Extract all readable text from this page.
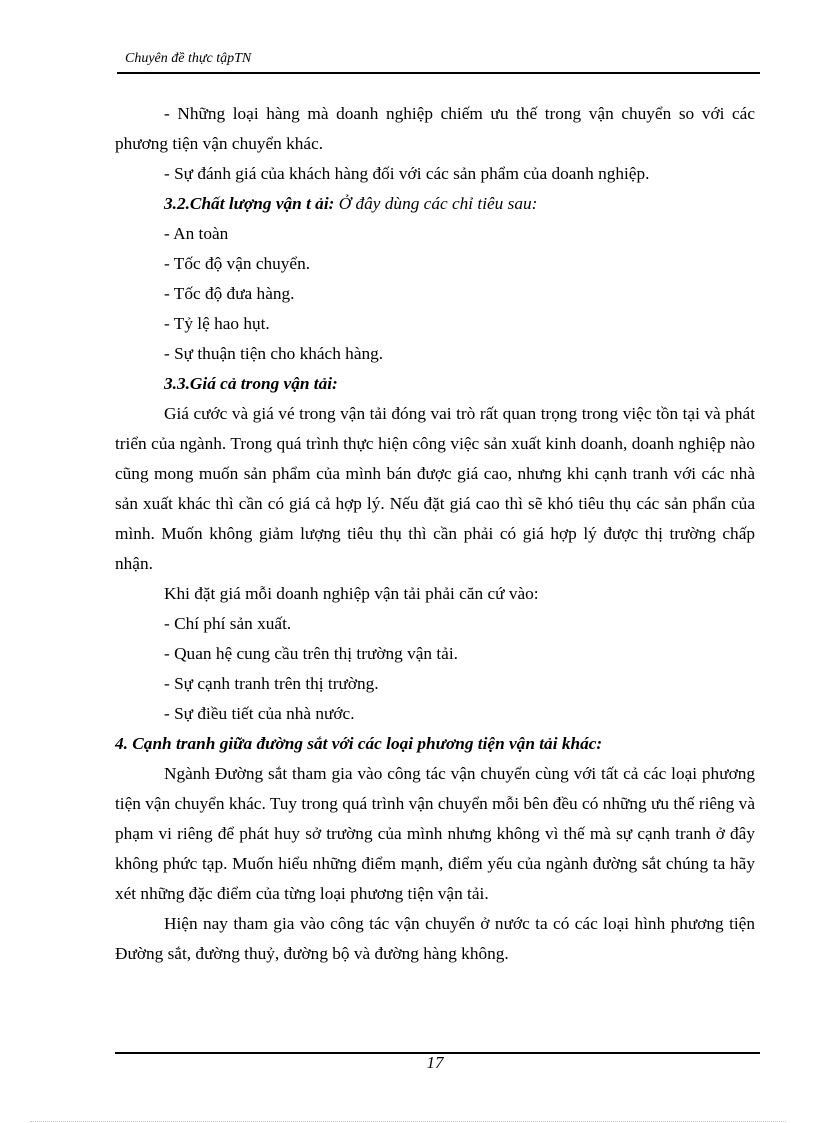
Chuyên đề thực tậpTN

- Những loại hàng mà doanh nghiệp chiếm ưu thế trong vận chuyển so với các phương tiện vận chuyển khác.

- Sự đánh giá của khách hàng đối với các sản phẩm của doanh nghiệp.

3.2.Chất lượng vận t ải: Ở đây dùng các chỉ tiêu sau:

- An toàn

- Tốc độ vận chuyển.

- Tốc độ đưa hàng.

- Tỷ lệ hao hụt.

- Sự thuận tiện cho khách hàng.

3.3.Giá cả trong vận tải:

Giá cước và giá vé trong vận tải đóng vai trò rất quan trọng trong việc tồn tại và phát triển của ngành. Trong quá trình thực hiện công việc sản xuất kinh doanh, doanh nghiệp nào cũng mong muốn sản phẩm của mình bán được giá cao, nhưng khi cạnh tranh với các nhà sản xuất khác thì cần có giá cả hợp lý. Nếu đặt giá cao thì sẽ khó tiêu thụ các sản phẩn của mình. Muốn không giảm lượng tiêu thụ thì cần phải có giá hợp lý được thị trường chấp nhận.

Khi đặt giá mỗi doanh nghiệp vận tải phải căn cứ vào:

- Chí phí sản xuất.

- Quan hệ cung cầu trên thị trường vận tải.

- Sự cạnh tranh trên thị trường.

- Sự điều tiết của nhà nước.

4. Cạnh tranh giữa đường sắt với các loại phương tiện vận tải khác:

Ngành Đường sắt tham gia vào công tác vận chuyển cùng với tất cả các loại phương tiện vận chuyển khác. Tuy trong quá trình vận chuyển mỗi bên đều có những ưu thế riêng và phạm vi riêng để phát huy sở trường của mình nhưng không vì thế mà sự cạnh tranh ở đây không phức tạp. Muốn hiểu những điểm mạnh, điểm yếu của ngành đường sắt chúng ta hãy xét những đặc điểm của từng loại phương tiện vận tải.

Hiện nay tham gia vào công tác vận chuyển ở nước ta có các loại hình phương tiện Đường sắt, đường thuỷ, đường bộ và đường hàng không.

17
